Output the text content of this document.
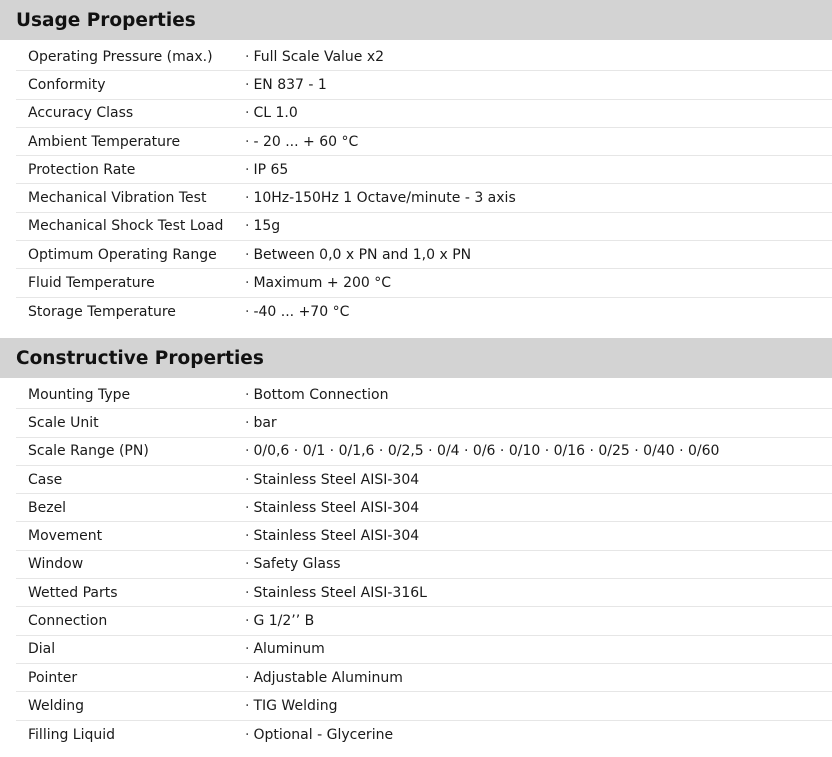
Usage Properties
Operating Pressure (max.)	· Full Scale Value x2
Conformity	· EN 837 - 1
Accuracy Class	· CL 1.0
Ambient Temperature	· - 20 ... + 60 °C
Protection Rate	· IP 65
Mechanical Vibration Test	· 10Hz-150Hz 1 Octave/minute - 3 axis
Mechanical Shock Test Load	· 15g
Optimum Operating Range	· Between 0,0 x PN and 1,0 x PN
Fluid Temperature	· Maximum + 200 °C
Storage Temperature	· -40 ... +70 °C
Constructive Properties
Mounting Type	· Bottom Connection
Scale Unit	· bar
Scale Range (PN)	· 0/0,6 · 0/1 · 0/1,6 · 0/2,5 · 0/4 · 0/6 · 0/10 · 0/16 · 0/25 · 0/40 · 0/60
Case	· Stainless Steel AISI-304
Bezel	· Stainless Steel AISI-304
Movement	· Stainless Steel AISI-304
Window	· Safety Glass
Wetted Parts	· Stainless Steel AISI-316L
Connection	· G 1/2’’ B
Dial	· Aluminum
Pointer	· Adjustable Aluminum
Welding	· TIG Welding
Filling Liquid	· Optional - Glycerine
